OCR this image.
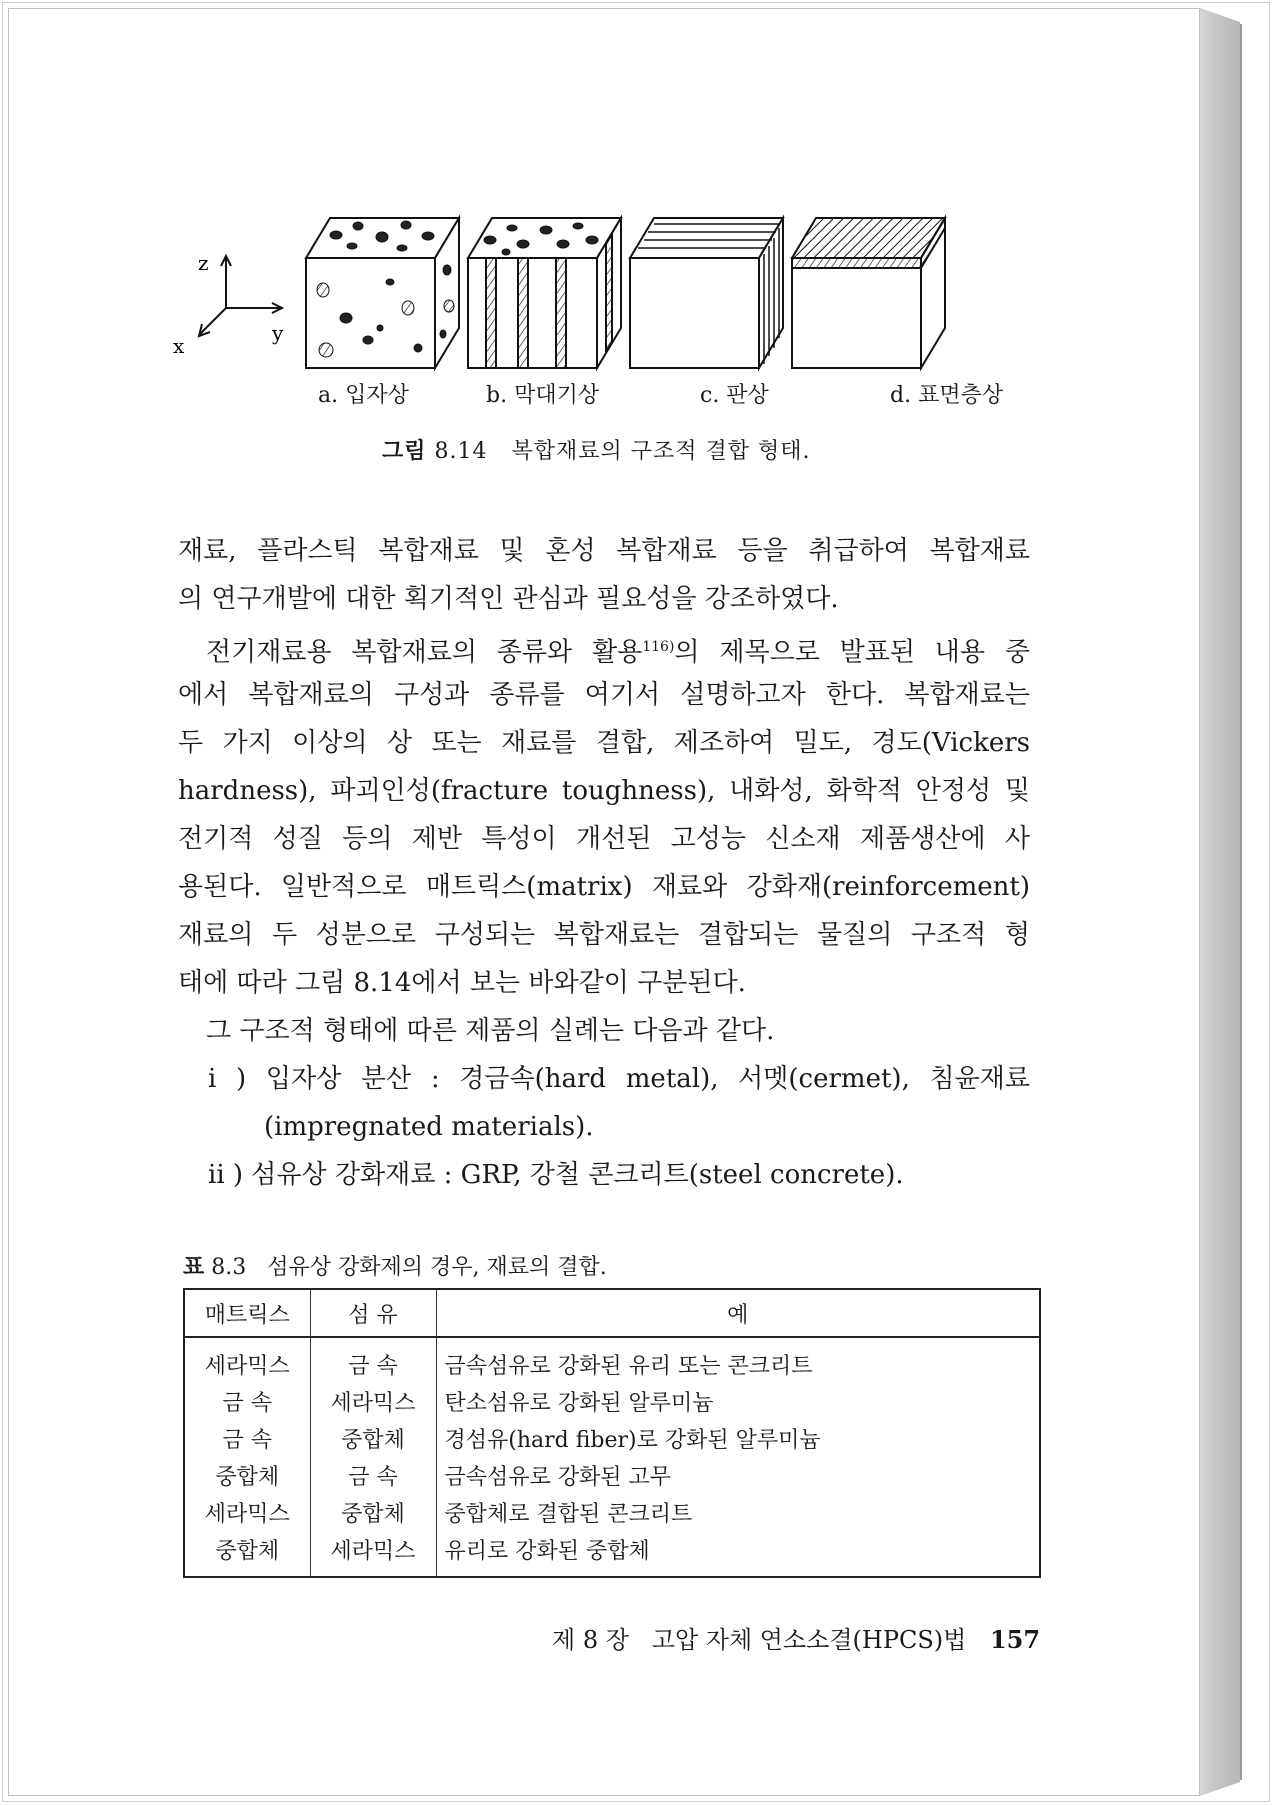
z
x
y
a. 입자상	b. 막대기상	c. 판상	d. 표면층상
그림 8.14 복합재료의 구조적 결합 형태.
재료, 플라스틱 복합재료 및 혼성 복합재료 등을 취급하여 복합재료
의 연구개발에 대한 획기적인 관심과 필요성을 강조하였다.
전기재료용 복합재료의 종류와 활용$^{116)}$의 제목으로 발표된 내용 중
에서 복합재료의 구성과 종류를 여기서 설명하고자 한다. 복합재료는
두 가지 이상의 상 또는 재료를 결합, 제조하여 밀도, 경도(Vickers
hardness), 파괴인성(fracture toughness), 내화성, 화학적 안정성 및
전기적 성질 등의 제반 특성이 개선된 고성능 신소재 제품생산에 사
용된다. 일반적으로 매트릭스(matrix) 재료와 강화재(reinforcement)
재료의 두 성분으로 구성되는 복합재료는 결합되는 물질의 구조적 형
태에 따라 그림 8.14에서 보는 바와같이 구분된다.
그 구조적 형태에 따른 제품의 실례는 다음과 같다.
i ) 입자상 분산 : 경금속(hard metal), 서멧(cermet), 침윤재료
(impregnated materials).
ii ) 섬유상 강화재료 : GRP, 강철 콘크리트(steel concrete).
표 8.3 섬유상 강화제의 경우, 재료의 결합.
매트릭스	섬 유	예
세라믹스	금 속	금속섬유로 강화된 유리 또는 콘크리트
금 속	세라믹스	탄소섬유로 강화된 알루미늄
금 속	중합체	경섬유(hard fiber)로 강화된 알루미늄
중합체	금 속	금속섬유로 강화된 고무
세라믹스	중합체	중합체로 결합된 콘크리트
중합체	세라믹스	유리로 강화된 중합체
제 8 장 고압 자체 연소소결(HPCS)법 157
